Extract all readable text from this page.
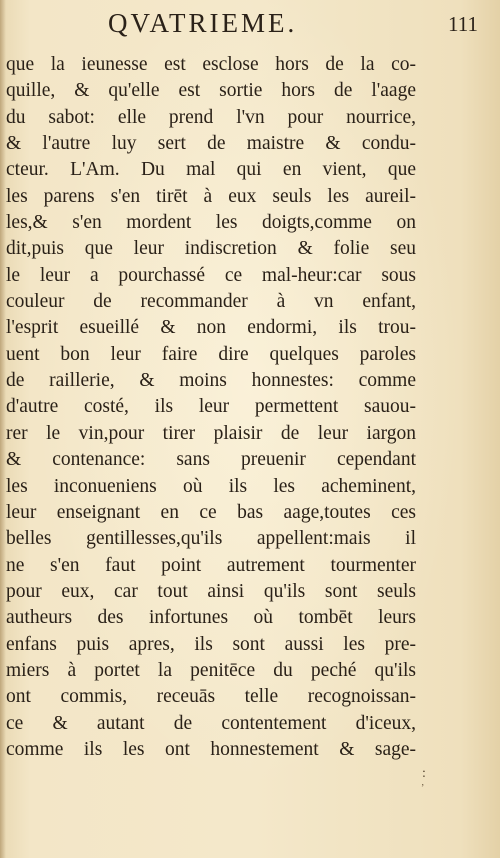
QVATRIEME.	111
que la ieunesse est esclose hors de la co-
quille, & qu'elle est sortie hors de l'aage
du sabot: elle prend l'vn pour nourrice,
& l'autre luy sert de maistre & condu-
cteur. L'Am. Du mal qui en vient, que
les parens s'en tirēt à eux seuls les aureil-
les,& s'en mordent les doigts,comme on
dit,puis que leur indiscretion & folie seu
le leur a pourchassé ce mal-heur:car sous
couleur de recommander à vn enfant,
l'esprit esueillé & non endormi, ils trou-
uent bon leur faire dire quelques paroles
de raillerie, & moins honnestes: comme
d'autre costé, ils leur permettent sauou-
rer le vin,pour tirer plaisir de leur iargon
& contenance: sans preuenir cependant
les inconueniens où ils les acheminent,
leur enseignant en ce bas aage,toutes ces
belles gentillesses,qu'ils appellent:mais il
ne s'en faut point autrement tourmenter
pour eux, car tout ainsi qu'ils sont seuls
autheurs des infortunes où tombēt leurs
enfans puis apres, ils sont aussi les pre-
miers à portet la penitēce du peché qu'ils
ont commis, receuās telle recognoissan-
ce & autant de contentement d'iceux,
comme ils les ont honnestement & sage-
:
ʼ
